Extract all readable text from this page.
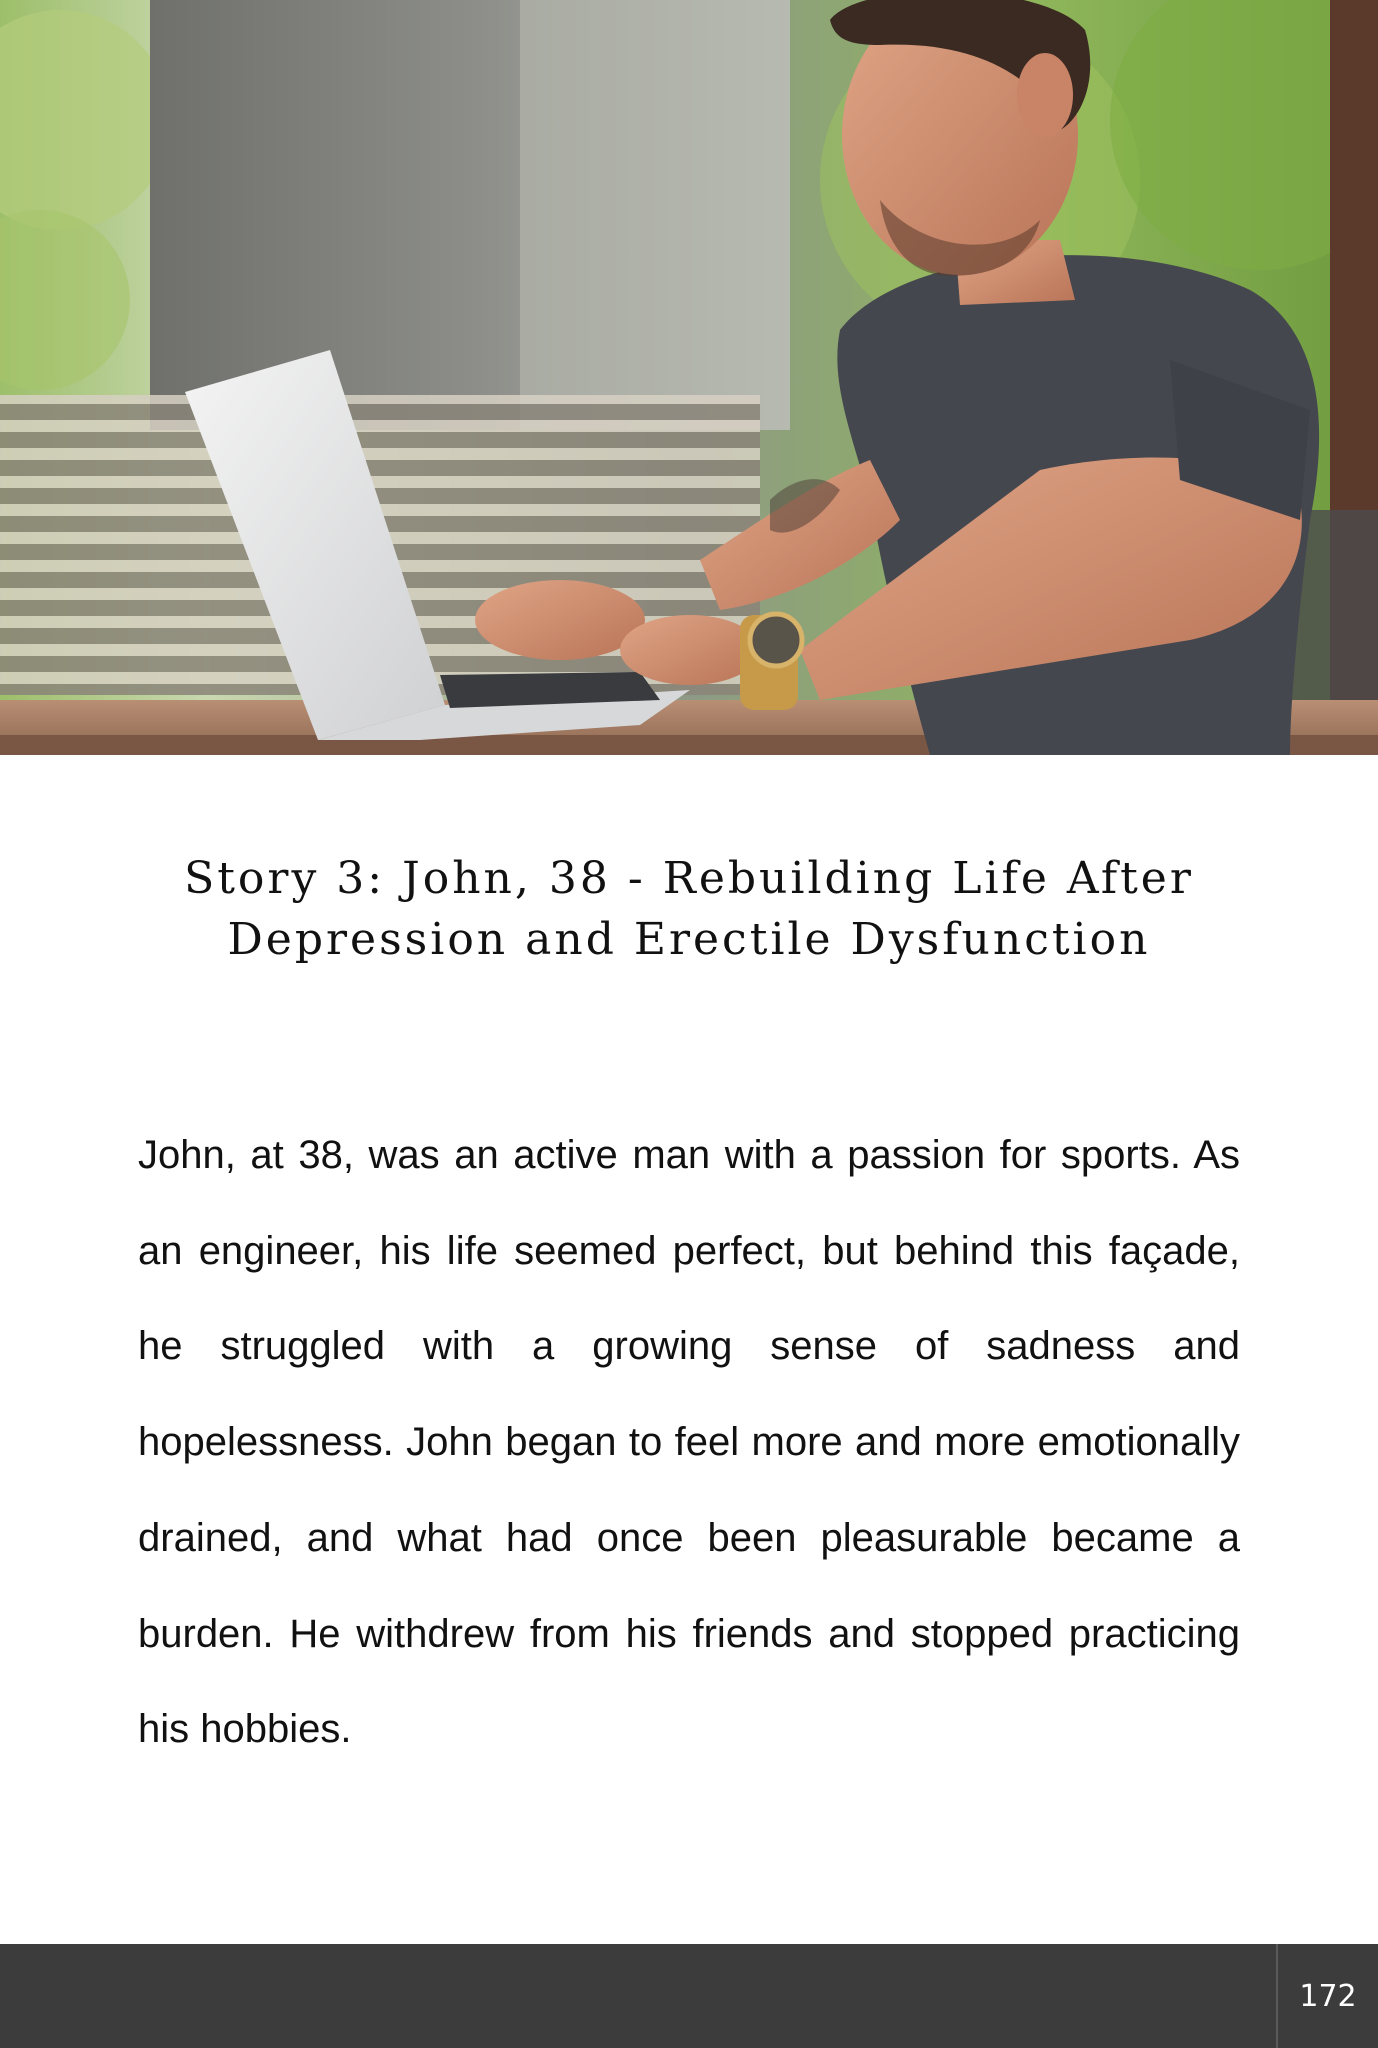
Story 3: John, 38 - Rebuilding Life After
Depression and Erectile Dysfunction

John, at 38, was an active man with a passion for sports. As an engineer, his life seemed perfect, but behind this façade, he struggled with a growing sense of sadness and hopelessness. John began to feel more and more emotionally drained, and what had once been pleasurable became a burden. He withdrew from his friends and stopped practicing his hobbies.

172
